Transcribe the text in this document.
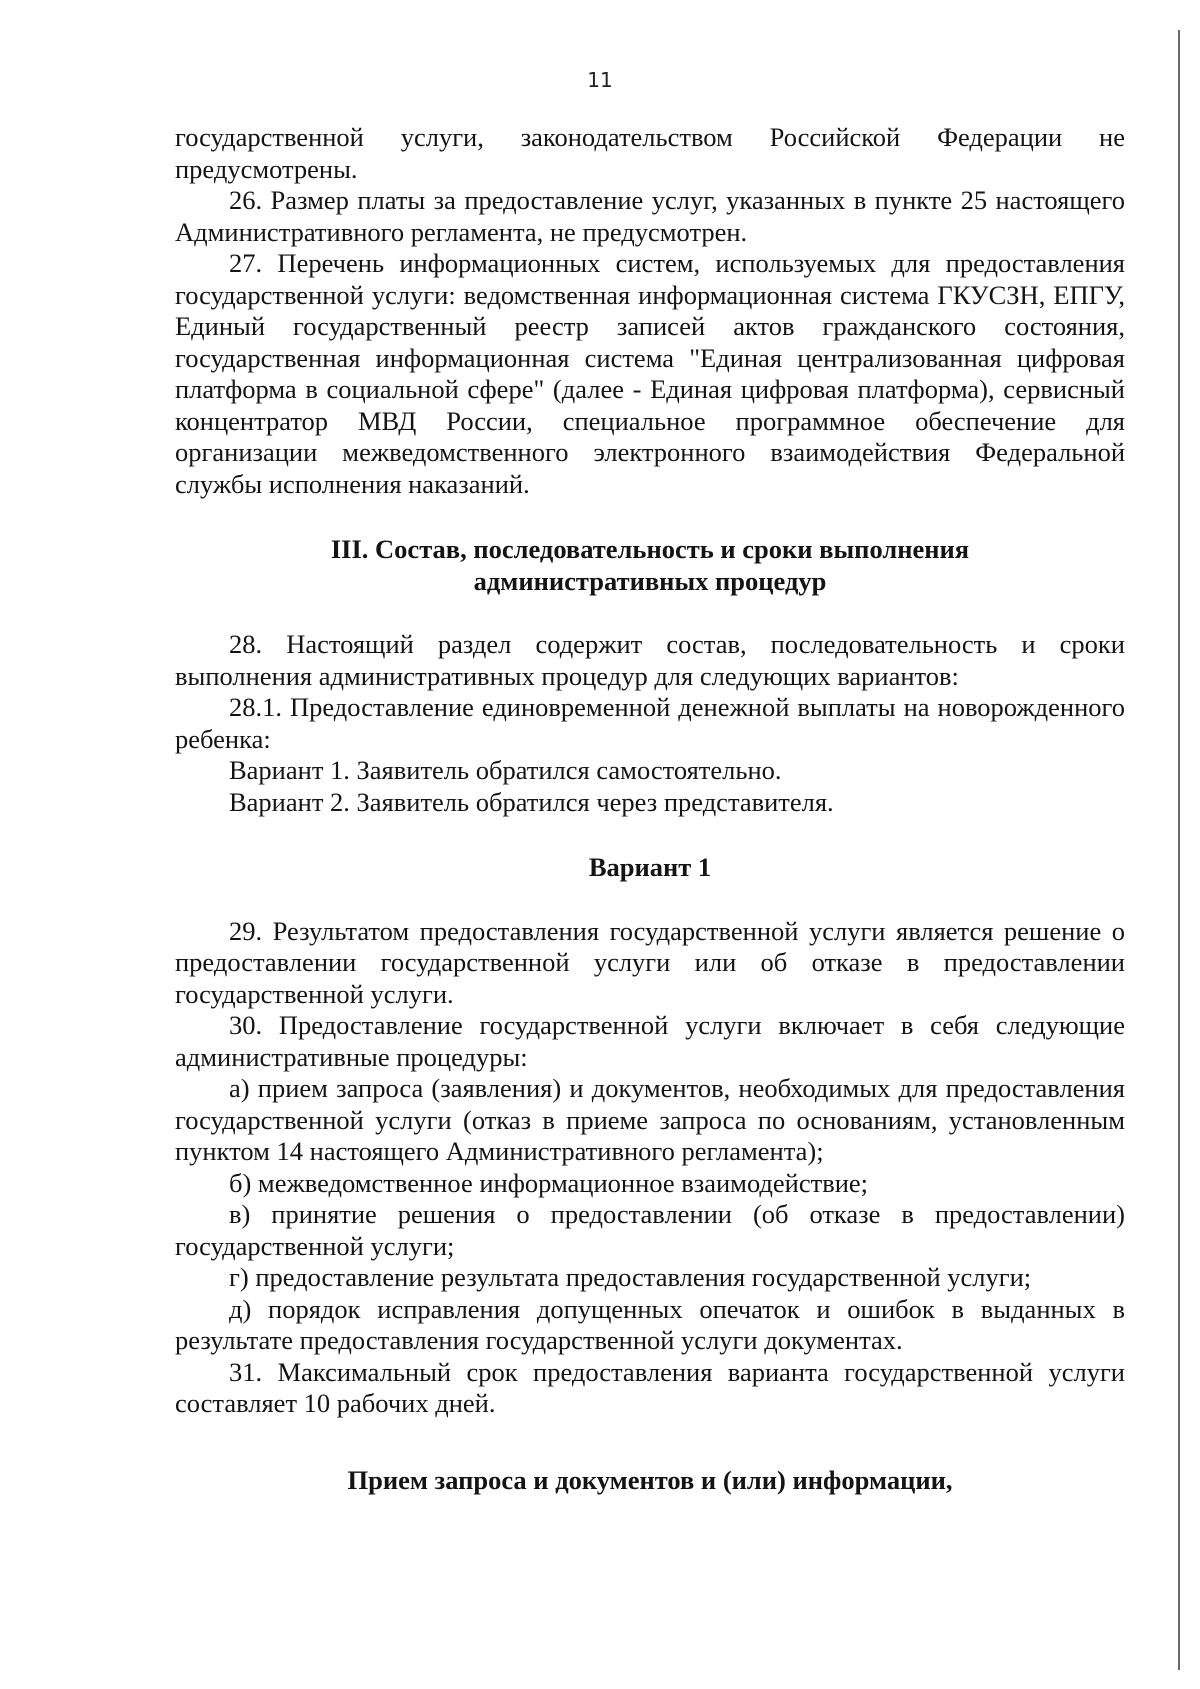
11

государственной услуги, законодательством Российской Федерации не предусмотрены.

26. Размер платы за предоставление услуг, указанных в пункте 25 настоящего Административного регламента, не предусмотрен.

27. Перечень информационных систем, используемых для предоставления государственной услуги: ведомственная информационная система ГКУСЗН, ЕПГУ, Единый государственный реестр записей актов гражданского состояния, государственная информационная система "Единая централизованная цифровая платформа в социальной сфере" (далее - Единая цифровая платформа), сервисный концентратор МВД России, специальное программное обеспечение для организации межведомственного электронного взаимодействия Федеральной службы исполнения наказаний.

III. Состав, последовательность и сроки выполнения
административных процедур

28. Настоящий раздел содержит состав, последовательность и сроки выполнения административных процедур для следующих вариантов:

28.1. Предоставление единовременной денежной выплаты на новорожденного ребенка:

Вариант 1. Заявитель обратился самостоятельно.

Вариант 2. Заявитель обратился через представителя.

Вариант 1

29. Результатом предоставления государственной услуги является решение о предоставлении государственной услуги или об отказе в предоставлении государственной услуги.

30. Предоставление государственной услуги включает в себя следующие административные процедуры:

а) прием запроса (заявления) и документов, необходимых для предоставления государственной услуги (отказ в приеме запроса по основаниям, установленным пунктом 14 настоящего Административного регламента);

б) межведомственное информационное взаимодействие;

в) принятие решения о предоставлении (об отказе в предоставлении) государственной услуги;

г) предоставление результата предоставления государственной услуги;

д) порядок исправления допущенных опечаток и ошибок в выданных в результате предоставления государственной услуги документах.

31. Максимальный срок предоставления варианта государственной услуги составляет 10 рабочих дней.

Прием запроса и документов и (или) информации,
